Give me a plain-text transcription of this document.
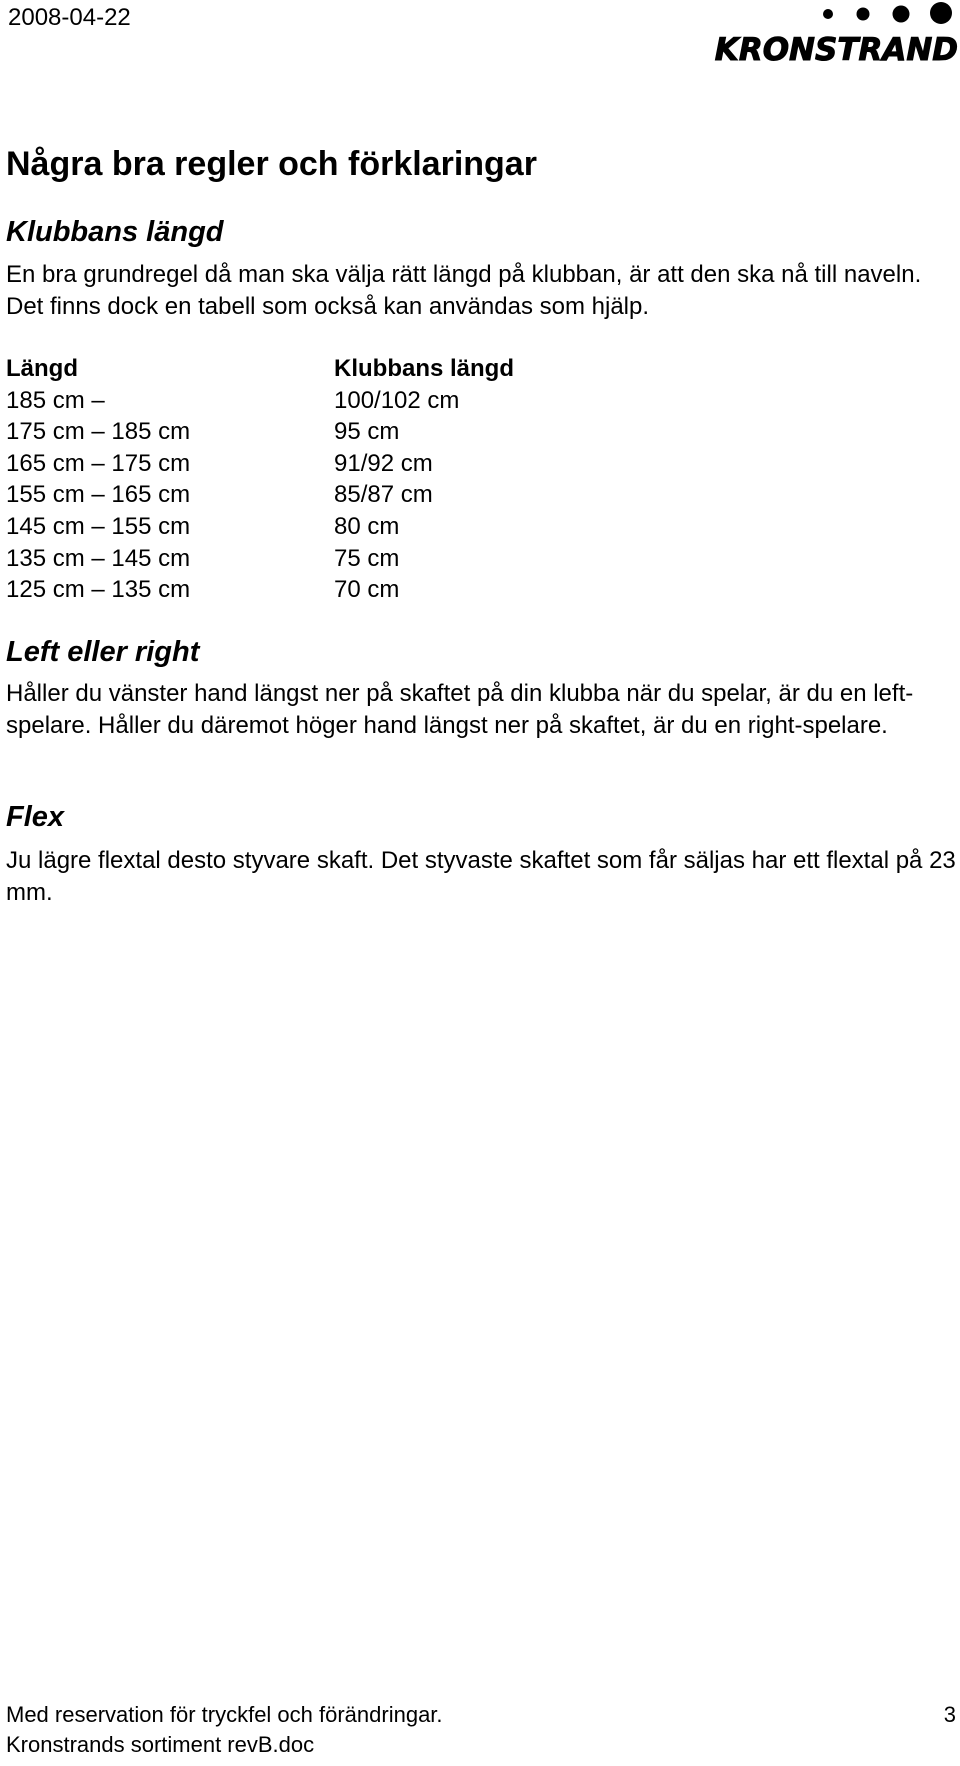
2008-04-22
KRONSTRAND
Några bra regler och förklaringar
Klubbans längd

En bra grundregel då man ska välja rätt längd på klubban, är att den ska nå till naveln. Det finns dock en tabell som också kan användas som hjälp.

Längd	Klubbans längd
185 cm –	100/102 cm
175 cm – 185 cm	95 cm
165 cm – 175 cm	91/92 cm
155 cm – 165 cm	85/87 cm
145 cm – 155 cm	80 cm
135 cm – 145 cm	75 cm
125 cm – 135 cm	70 cm
Left eller right

Håller du vänster hand längst ner på skaftet på din klubba när du spelar, är du en left-spelare. Håller du däremot höger hand längst ner på skaftet, är du en right-spelare.

Flex

Ju lägre flextal desto styvare skaft. Det styvaste skaftet som får säljas har ett flextal på 23 mm.

Med reservation för tryckfel och förändringar.
Kronstrands sortiment revB.doc
3
